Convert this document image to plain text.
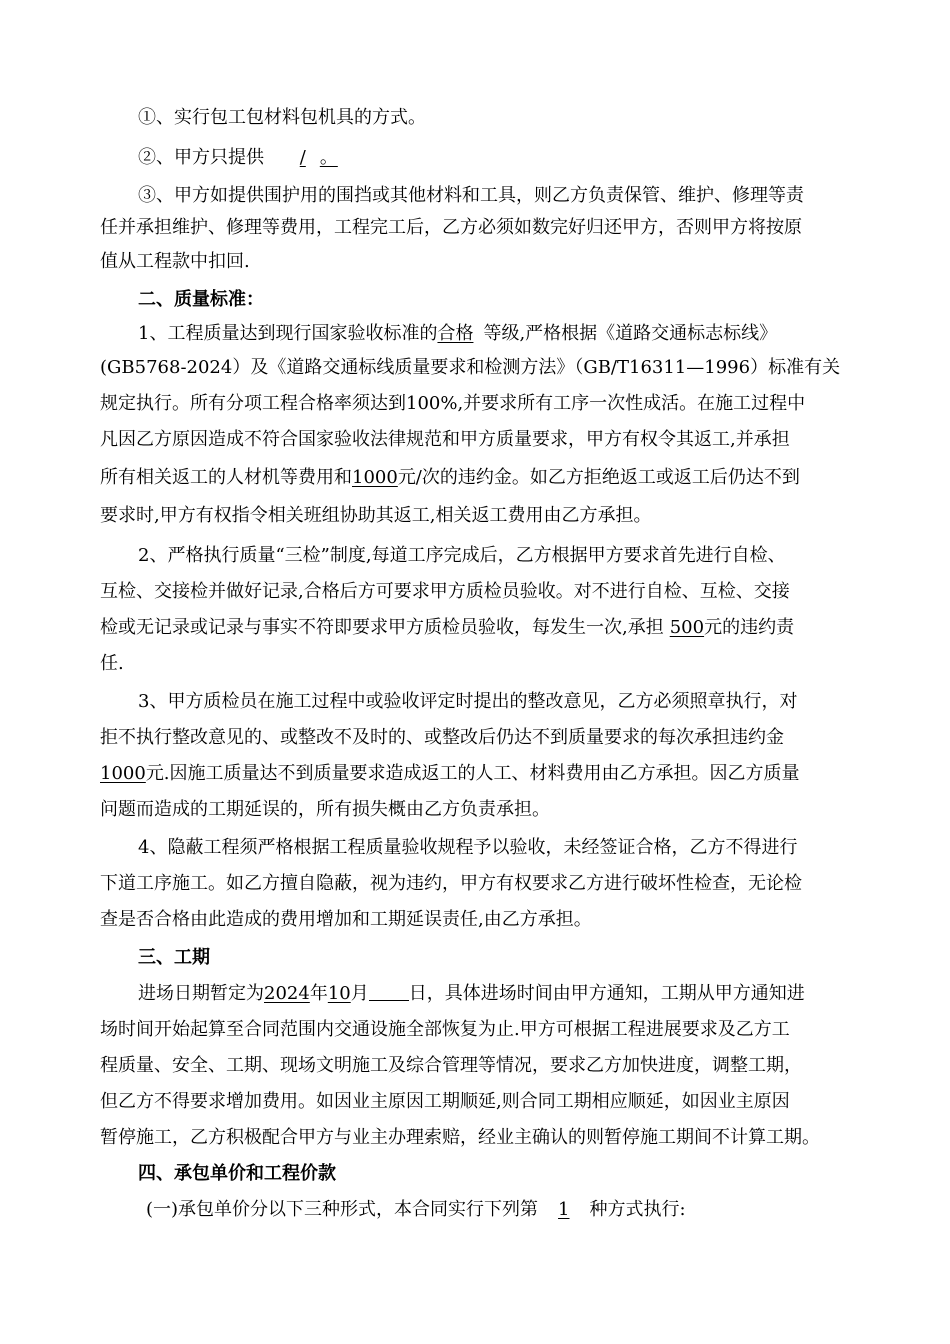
①、实行包工包材料包机具的方式。
②、甲方只提供 / 。
③、甲方如提供围护用的围挡或其他材料和工具，则乙方负责保管、维护、修理等责
任并承担维护、修理等费用，工程完工后，乙方必须如数完好归还甲方，否则甲方将按原
值从工程款中扣回.
二、质量标准：
1、工程质量达到现行国家验收标准的合格 等级,严格根据《道路交通标志标线》
(GB5768-2024）及《道路交通标线质量要求和检测方法》（GB/T16311—1996）标准有关
规定执行。所有分项工程合格率须达到100%,并要求所有工序一次性成活。在施工过程中
凡因乙方原因造成不符合国家验收法律规范和甲方质量要求，甲方有权令其返工,并承担
所有相关返工的人材机等费用和1000元/次的违约金。如乙方拒绝返工或返工后仍达不到
要求时,甲方有权指令相关班组协助其返工,相关返工费用由乙方承担。
2、严格执行质量“三检”制度,每道工序完成后，乙方根据甲方要求首先进行自检、
互检、交接检并做好记录,合格后方可要求甲方质检员验收。对不进行自检、互检、交接
检或无记录或记录与事实不符即要求甲方质检员验收，每发生一次,承担 500元的违约责
任.
3、甲方质检员在施工过程中或验收评定时提出的整改意见，乙方必须照章执行，对
拒不执行整改意见的、或整改不及时的、或整改后仍达不到质量要求的每次承担违约金
1000元.因施工质量达不到质量要求造成返工的人工、材料费用由乙方承担。因乙方质量
问题而造成的工期延误的，所有损失概由乙方负责承担。
4、隐蔽工程须严格根据工程质量验收规程予以验收，未经签证合格，乙方不得进行
下道工序施工。如乙方擅自隐蔽，视为违约，甲方有权要求乙方进行破坏性检查，无论检
查是否合格由此造成的费用增加和工期延误责任,由乙方承担。
三、工期
进场日期暂定为2024年10月 日，具体进场时间由甲方通知，工期从甲方通知进
场时间开始起算至合同范围内交通设施全部恢复为止.甲方可根据工程进展要求及乙方工
程质量、安全、工期、现场文明施工及综合管理等情况，要求乙方加快进度，调整工期，
但乙方不得要求增加费用。如因业主原因工期顺延,则合同工期相应顺延，如因业主原因
暂停施工，乙方积极配合甲方与业主办理索赔，经业主确认的则暂停施工期间不计算工期。
四、承包单价和工程价款
(一)承包单价分以下三种形式，本合同实行下列第 1 种方式执行:
